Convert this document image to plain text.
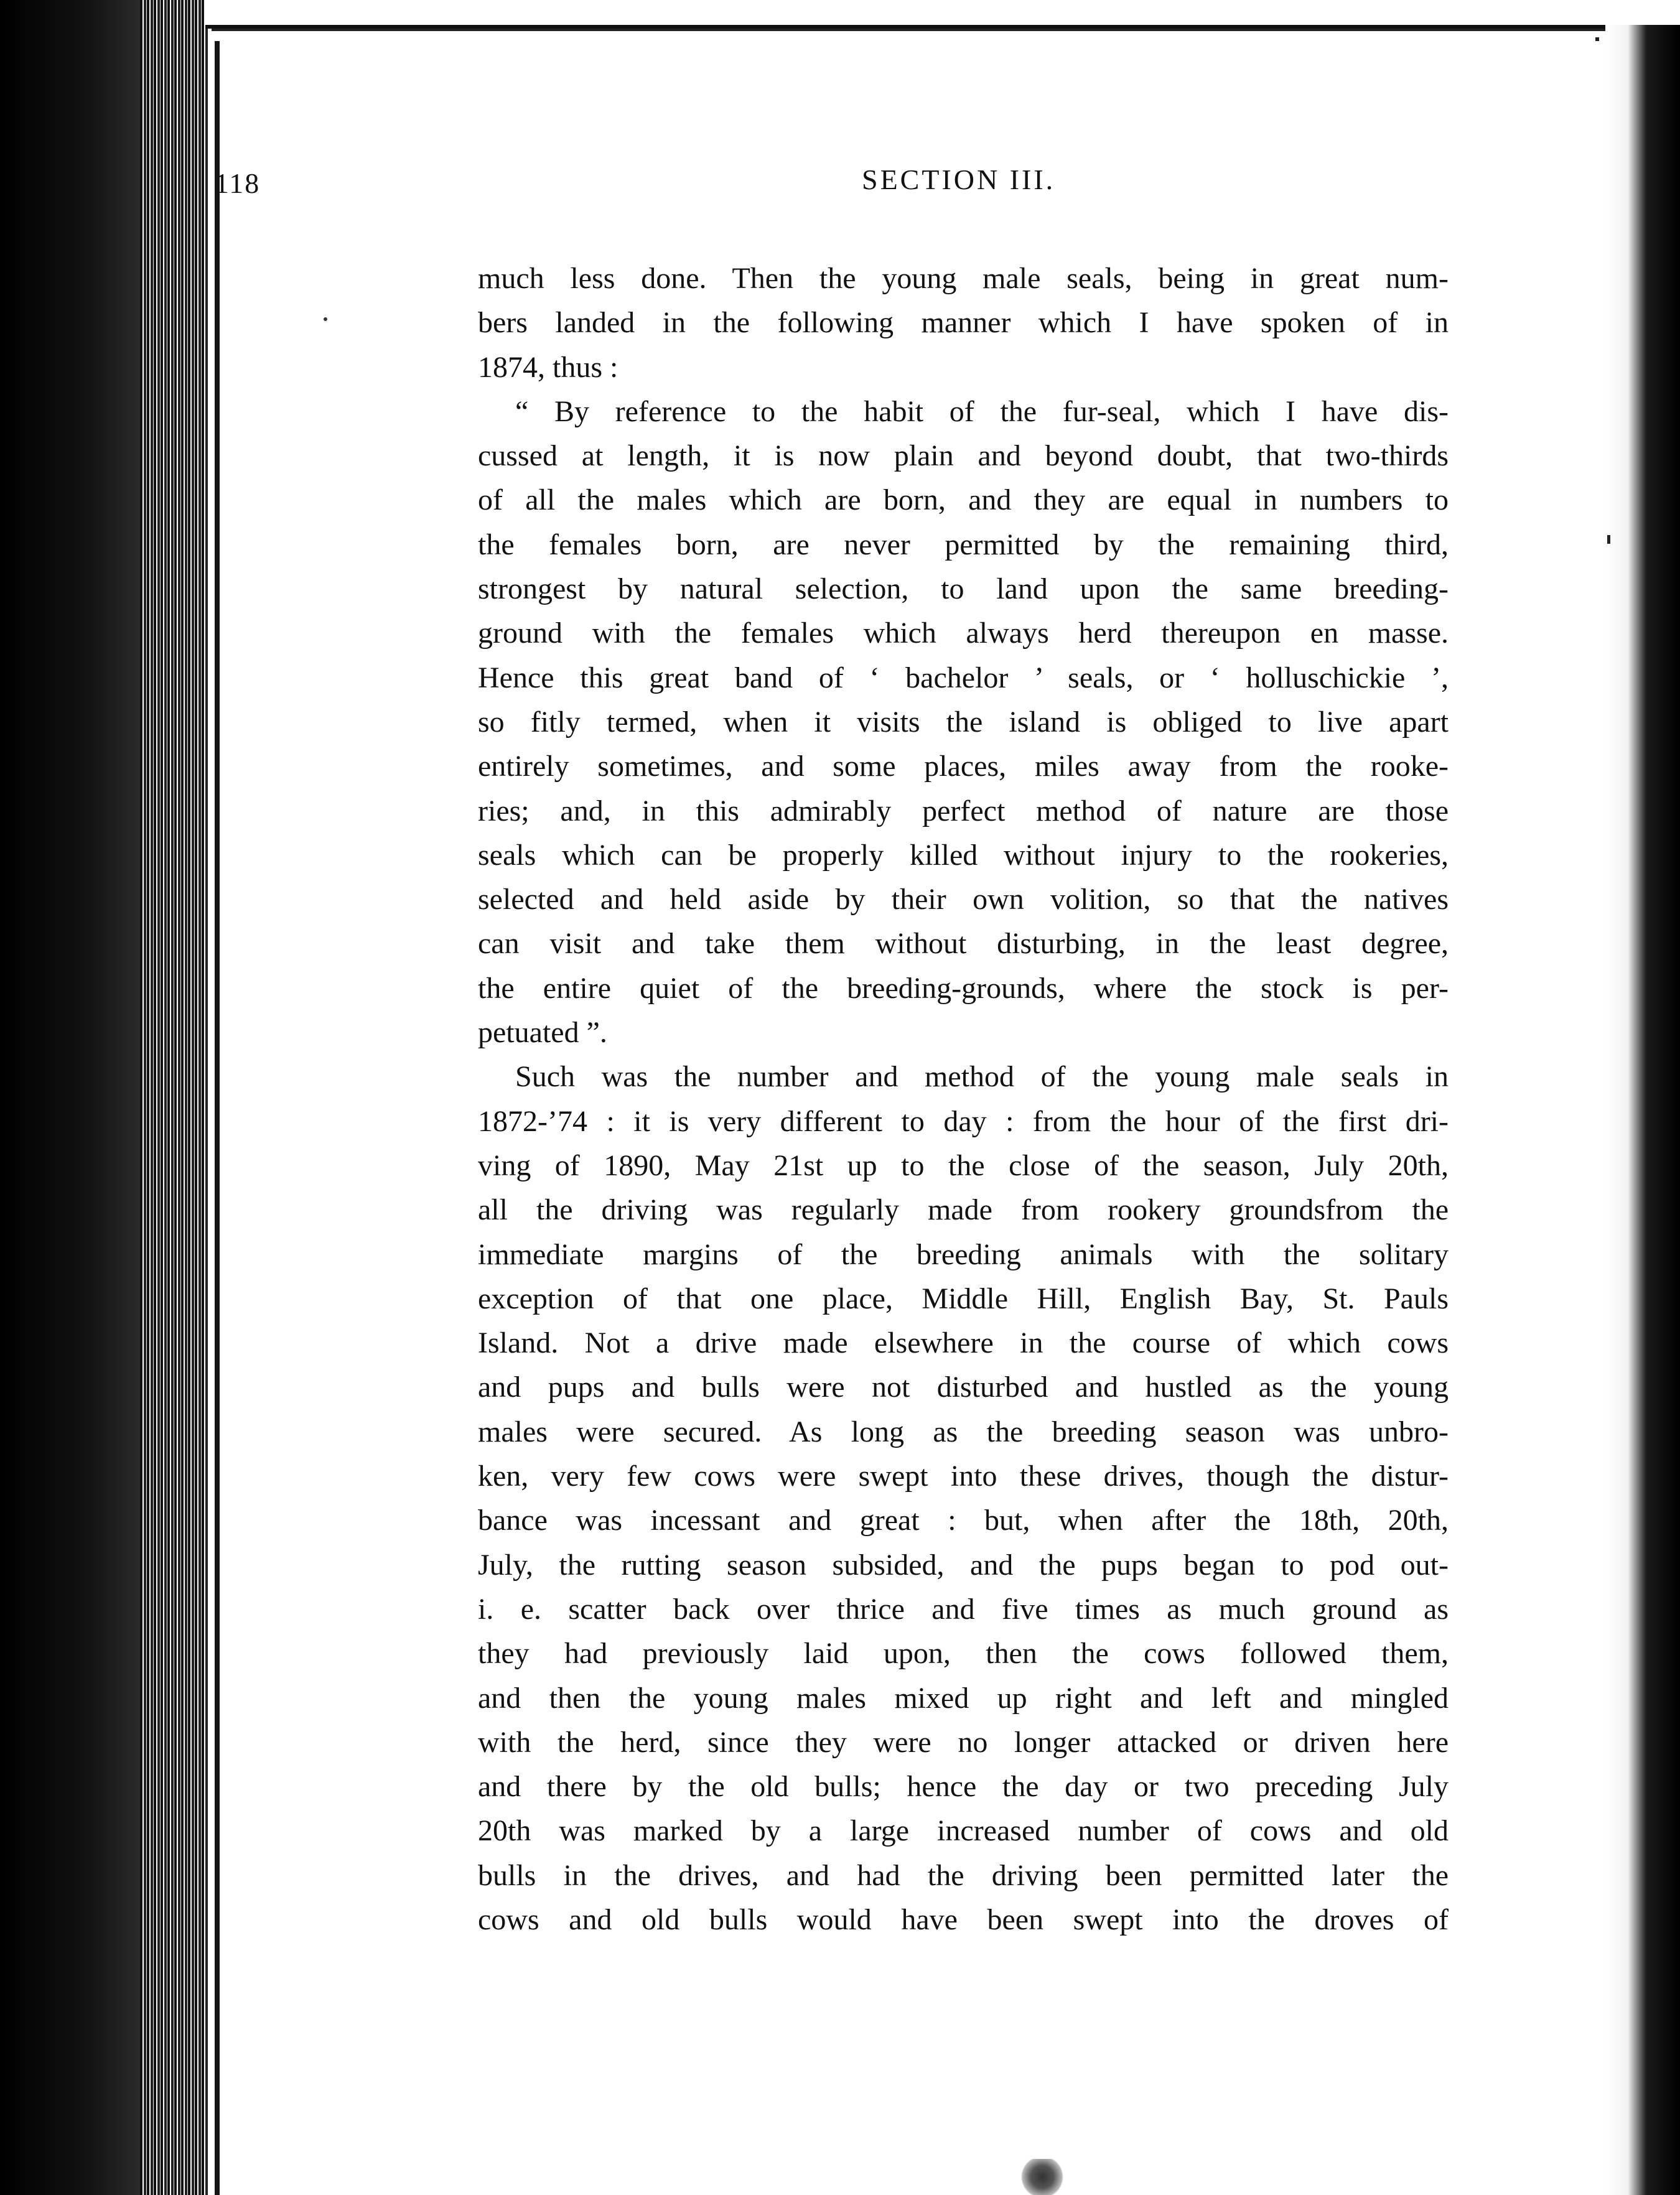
118	SECTION III.
much less done. Then the young male seals, being in great num-
bers landed in the following manner which I have spoken of in
1874, thus :
“ By reference to the habit of the fur-seal, which I have dis-
cussed at length, it is now plain and beyond doubt, that two-thirds
of all the males which are born, and they are equal in numbers to
the females born, are never permitted by the remaining third,
strongest by natural selection, to land upon the same breeding-
ground with the females which always herd thereupon en masse.
Hence this great band of ‘ bachelor ’ seals, or ‘ holluschickie ’,
so fitly termed, when it visits the island is obliged to live apart
entirely sometimes, and some places, miles away from the rooke-
ries; and, in this admirably perfect method of nature are those
seals which can be properly killed without injury to the rookeries,
selected and held aside by their own volition, so that the natives
can visit and take them without disturbing, in the least degree,
the entire quiet of the breeding-grounds, where the stock is per-
petuated ”.
Such was the number and method of the young male seals in
1872-’74 : it is very different to day : from the hour of the first dri-
ving of 1890, May 21st up to the close of the season, July 20th,
all the driving was regularly made from rookery groundsfrom the
immediate margins of the breeding animals with the solitary
exception of that one place, Middle Hill, English Bay, St. Pauls
Island. Not a drive made elsewhere in the course of which cows
and pups and bulls were not disturbed and hustled as the young
males were secured. As long as the breeding season was unbro-
ken, very few cows were swept into these drives, though the distur-
bance was incessant and great : but, when after the 18th, 20th,
July, the rutting season subsided, and the pups began to pod out-
i. e. scatter back over thrice and five times as much ground as
they had previously laid upon, then the cows followed them,
and then the young males mixed up right and left and mingled
with the herd, since they were no longer attacked or driven here
and there by the old bulls; hence the day or two preceding July
20th was marked by a large increased number of cows and old
bulls in the drives, and had the driving been permitted later the
cows and old bulls would have been swept into the droves of
